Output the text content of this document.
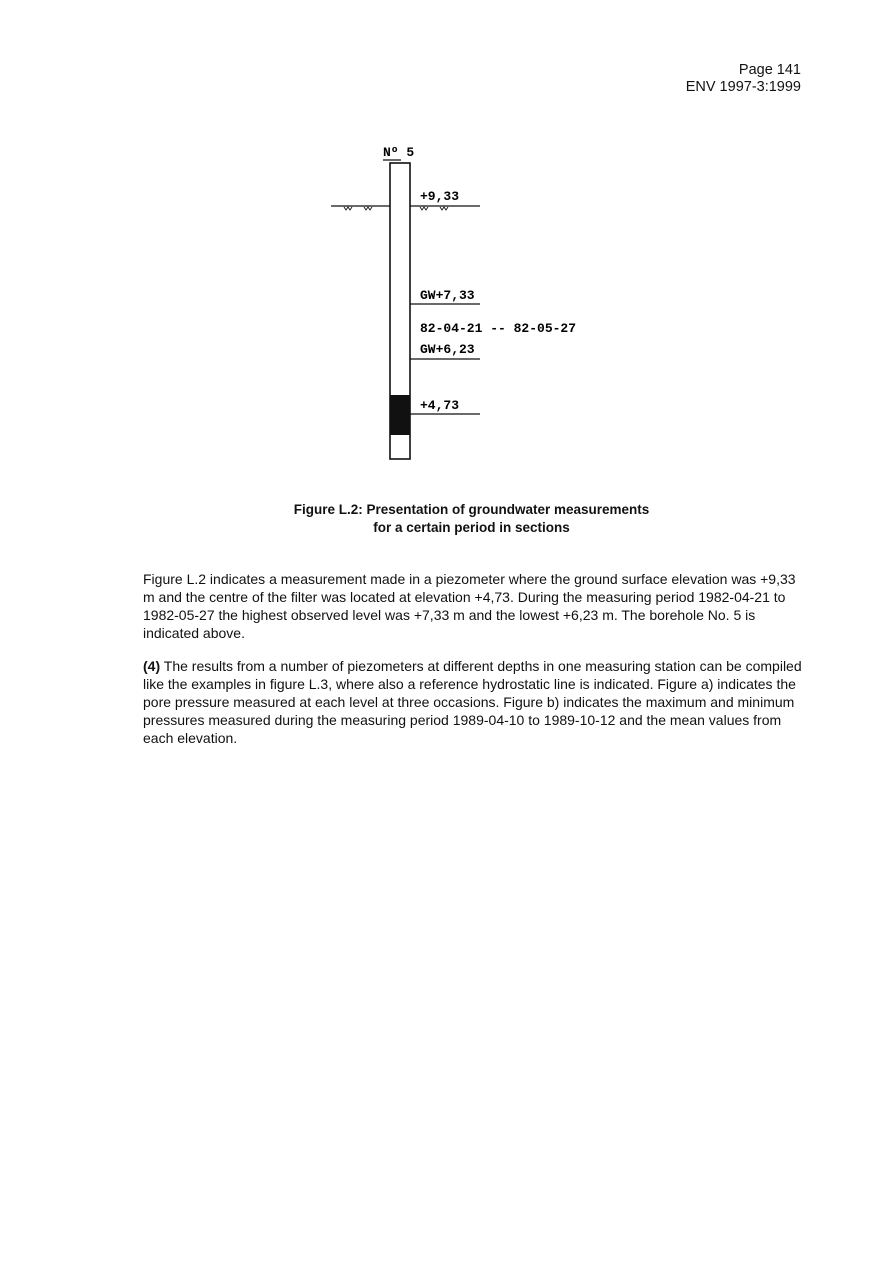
Page 141
ENV 1997-3:1999
Nº 5
+9,33
GW+7,33
82-04-21 -- 82-05-27
GW+6,23
+4,73
Figure L.2: Presentation of groundwater measurements
for a certain period in sections
Figure L.2 indicates a measurement made in a piezometer where the ground surface elevation was +9,33 m and the centre of the filter was located at elevation +4,73. During the measuring period 1982-04-21 to 1982-05-27 the highest observed level was +7,33 m and the lowest +6,23 m. The borehole No. 5 is indicated above.
(4) The results from a number of piezometers at different depths in one measuring station can be compiled like the examples in figure L.3, where also a reference hydrostatic line is indicated. Figure a) indicates the pore pressure measured at each level at three occasions. Figure b) indicates the maximum and minimum pressures measured during the measuring period 1989-04-10 to 1989-10-12 and the mean values from each elevation.
